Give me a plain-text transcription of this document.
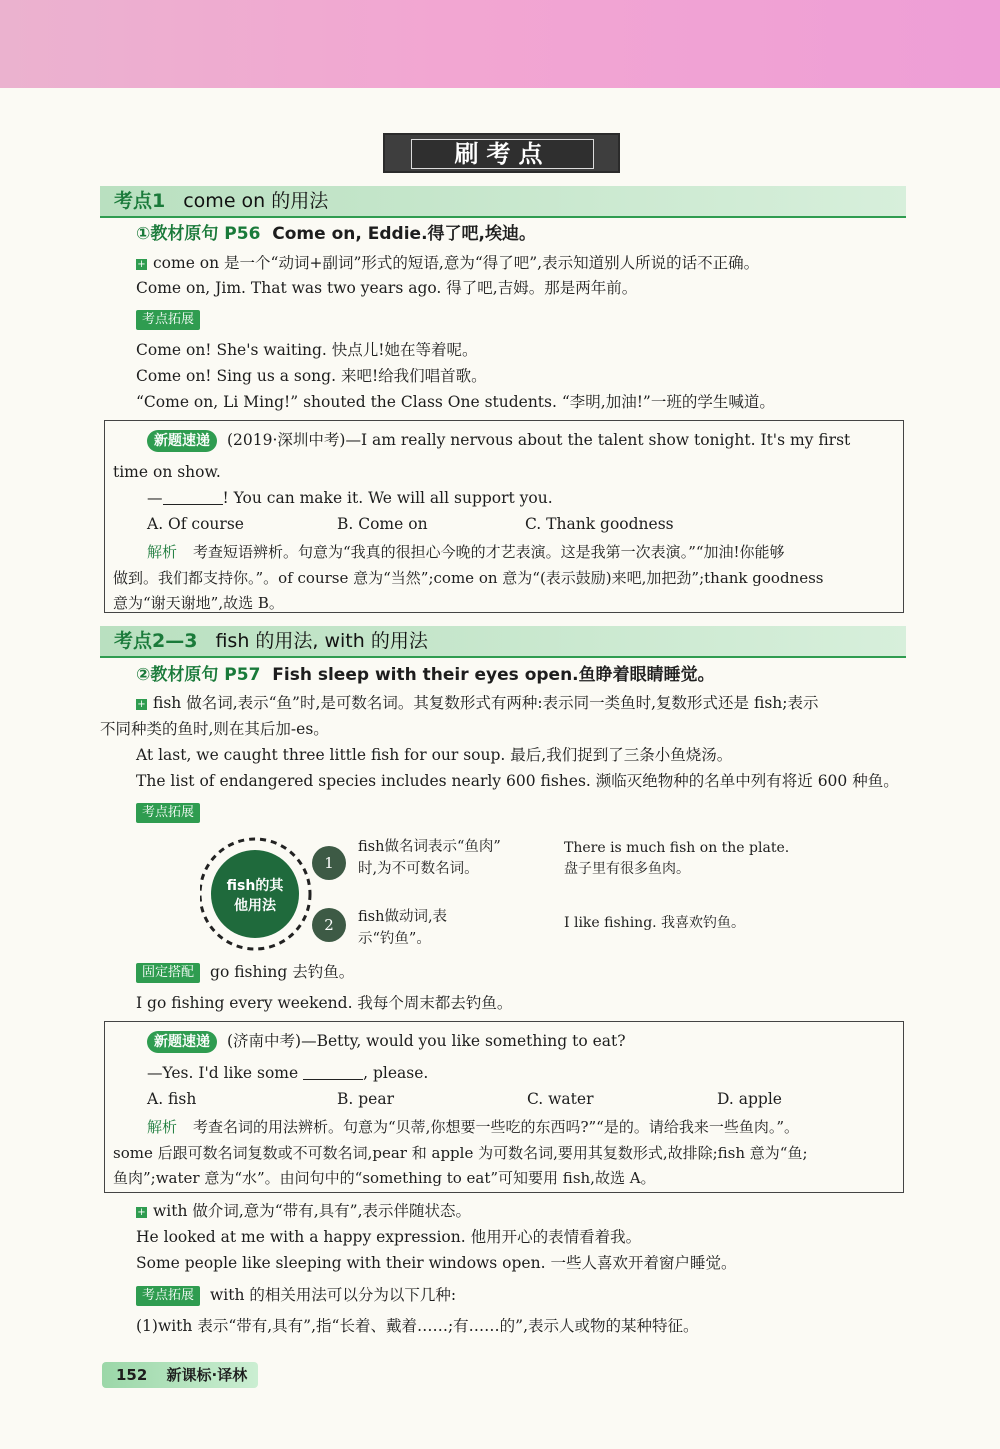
刷考点
考点1 come on 的用法
①教材原句 P56 Come on, Eddie.得了吧,埃迪。
+ come on 是一个“动词+副词”形式的短语,意为“得了吧”,表示知道别人所说的话不正确。
Come on, Jim. That was two years ago. 得了吧,吉姆。那是两年前。
考点拓展
Come on! She's waiting. 快点儿!她在等着呢。
Come on! Sing us a song. 来吧!给我们唱首歌。
“Come on, Li Ming!” shouted the Class One students. “李明,加油!”一班的学生喊道。
新题速递 (2019·深圳中考)—I am really nervous about the talent show tonight. It's my first
time on show.
—	! You can make it. We will all support you.
A. Of course	B. Come on	C. Thank goodness
解析 考查短语辨析。句意为“我真的很担心今晚的才艺表演。这是我第一次表演。”“加油!你能够
做到。我们都支持你。”。of course 意为“当然”;come on 意为“(表示鼓励)来吧,加把劲”;thank goodness
意为“谢天谢地”,故选 B。
考点2—3 fish 的用法, with 的用法
②教材原句 P57 Fish sleep with their eyes open.鱼睁着眼睛睡觉。
+ fish 做名词,表示“鱼”时,是可数名词。其复数形式有两种:表示同一类鱼时,复数形式还是 fish;表示
不同种类的鱼时,则在其后加-es。
At last, we caught three little fish for our soup. 最后,我们捉到了三条小鱼烧汤。
The list of endangered species includes nearly 600 fishes. 濒临灭绝物种的名单中列有将近 600 种鱼。
考点拓展
fish的其他用法
1
fish做名词表示“鱼肉”
时,为不可数名词。
There is much fish on the plate.
盘子里有很多鱼肉。
2	fish做动词,表
示“钓鱼”。
I like fishing. 我喜欢钓鱼。
固定搭配 go fishing 去钓鱼。
I go fishing every weekend. 我每个周末都去钓鱼。
新题速递 (济南中考)—Betty, would you like something to eat?
—Yes. I'd like some	, please.
A. fish	B. pear	C. water	D. apple
解析 考查名词的用法辨析。句意为“贝蒂,你想要一些吃的东西吗?”“是的。请给我来一些鱼肉。”。
some 后跟可数名词复数或不可数名词,pear 和 apple 为可数名词,要用其复数形式,故排除;fish 意为“鱼;
鱼肉”;water 意为“水”。由问句中的“something to eat”可知要用 fish,故选 A。
+ with 做介词,意为“带有,具有”,表示伴随状态。
He looked at me with a happy expression. 他用开心的表情看着我。
Some people like sleeping with their windows open. 一些人喜欢开着窗户睡觉。
考点拓展 with 的相关用法可以分为以下几种:
(1)with 表示“带有,具有”,指“长着、戴着……;有……的”,表示人或物的某种特征。
152 新课标·译林
